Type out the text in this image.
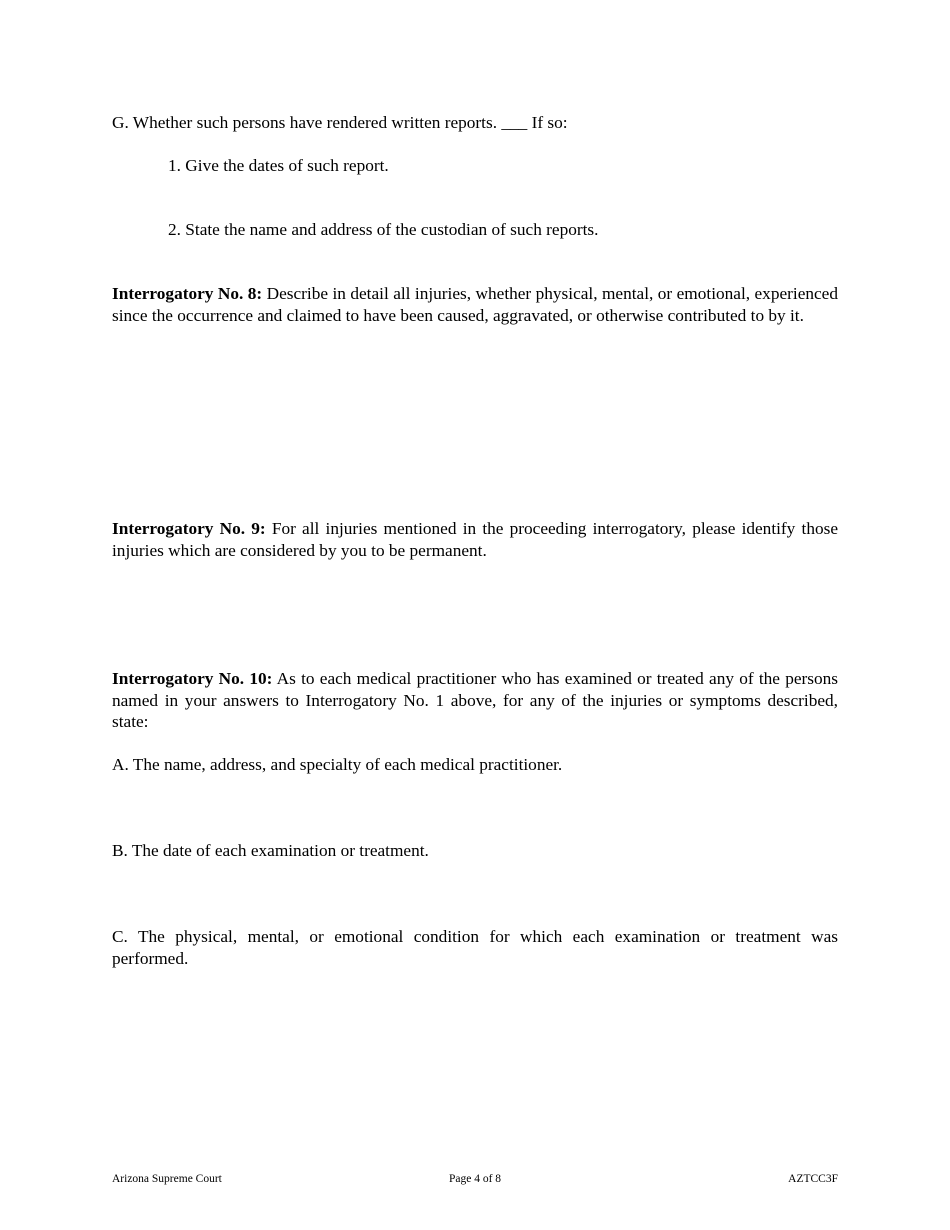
G. Whether such persons have rendered written reports. ___ If so:

1. Give the dates of such report.

2. State the name and address of the custodian of such reports.

Interrogatory No. 8: Describe in detail all injuries, whether physical, mental, or emotional, experienced since the occurrence and claimed to have been caused, aggravated, or otherwise contributed to by it.

Interrogatory No. 9: For all injuries mentioned in the proceeding interrogatory, please identify those injuries which are considered by you to be permanent.

Interrogatory No. 10: As to each medical practitioner who has examined or treated any of the persons named in your answers to Interrogatory No. 1 above, for any of the injuries or symptoms described, state:

A. The name, address, and specialty of each medical practitioner.

B. The date of each examination or treatment.

C. The physical, mental, or emotional condition for which each examination or treatment was performed.

Arizona Supreme Court	Page 4 of 8	AZTCC3F
